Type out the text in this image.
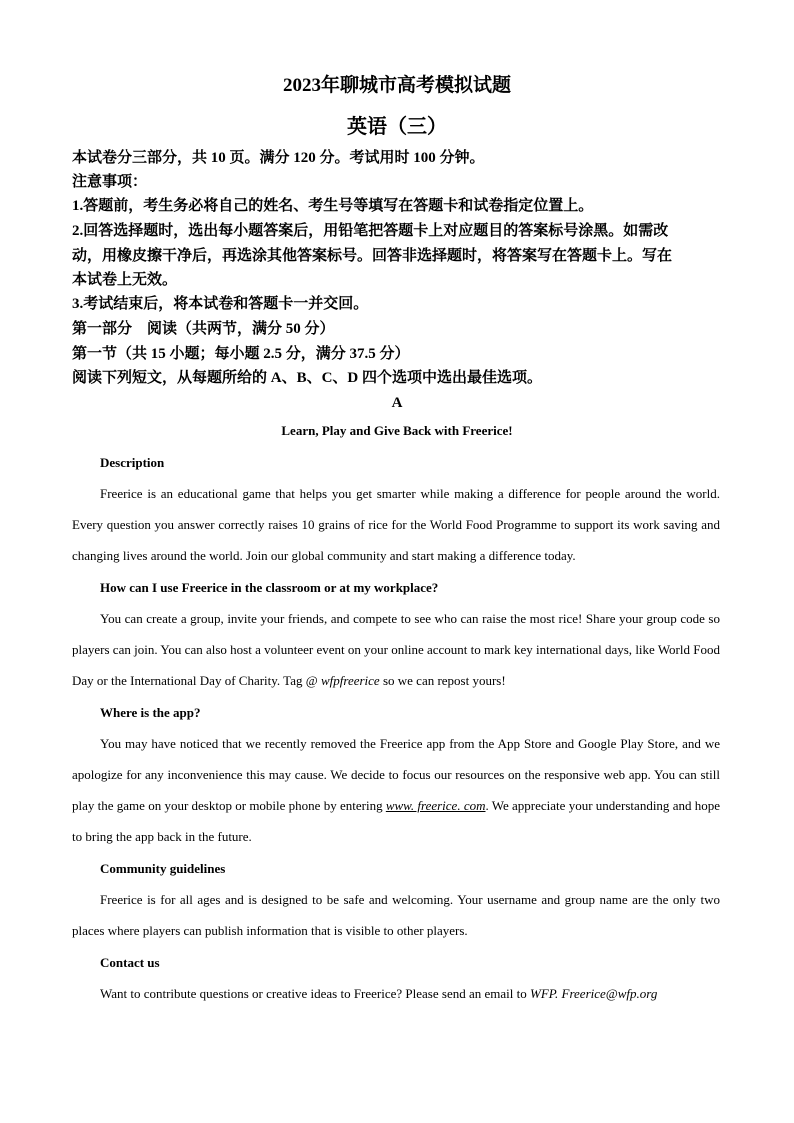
2023年聊城市高考模拟试题
英语（三）
本试卷分三部分，共 10 页。满分 120 分。考试用时 100 分钟。
注意事项：
1.答题前，考生务必将自己的姓名、考生号等填写在答题卡和试卷指定位置上。
2.回答选择题时，选出每小题答案后，用铅笔把答题卡上对应题目的答案标号涂黑。如需改
动，用橡皮擦干净后，再选涂其他答案标号。回答非选择题时，将答案写在答题卡上。写在
本试卷上无效。
3.考试结束后，将本试卷和答题卡一并交回。
第一部分　阅读（共两节，满分 50 分）
第一节（共 15 小题；每小题 2.5 分，满分 37.5 分）
阅读下列短文，从每题所给的 A、B、C、D 四个选项中选出最佳选项。
A
Learn, Play and Give Back with Freerice!
Description
Freerice is an educational game that helps you get smarter while making a difference for people around the world. Every question you answer correctly raises 10 grains of rice for the World Food Programme to support its work saving and changing lives around the world. Join our global community and start making a difference today.
How can I use Freerice in the classroom or at my workplace?
You can create a group, invite your friends, and compete to see who can raise the most rice! Share your group code so players can join. You can also host a volunteer event on your online account to mark key international days, like World Food Day or the International Day of Charity. Tag @ wfpfreerice so we can repost yours!
Where is the app?
You may have noticed that we recently removed the Freerice app from the App Store and Google Play Store, and we apologize for any inconvenience this may cause. We decide to focus our resources on the responsive web app. You can still play the game on your desktop or mobile phone by entering www. freerice. com. We appreciate your understanding and hope to bring the app back in the future.
Community guidelines
Freerice is for all ages and is designed to be safe and welcoming. Your username and group name are the only two places where players can publish information that is visible to other players.
Contact us
Want to contribute questions or creative ideas to Freerice? Please send an email to WFP. Freerice@wfp.org
